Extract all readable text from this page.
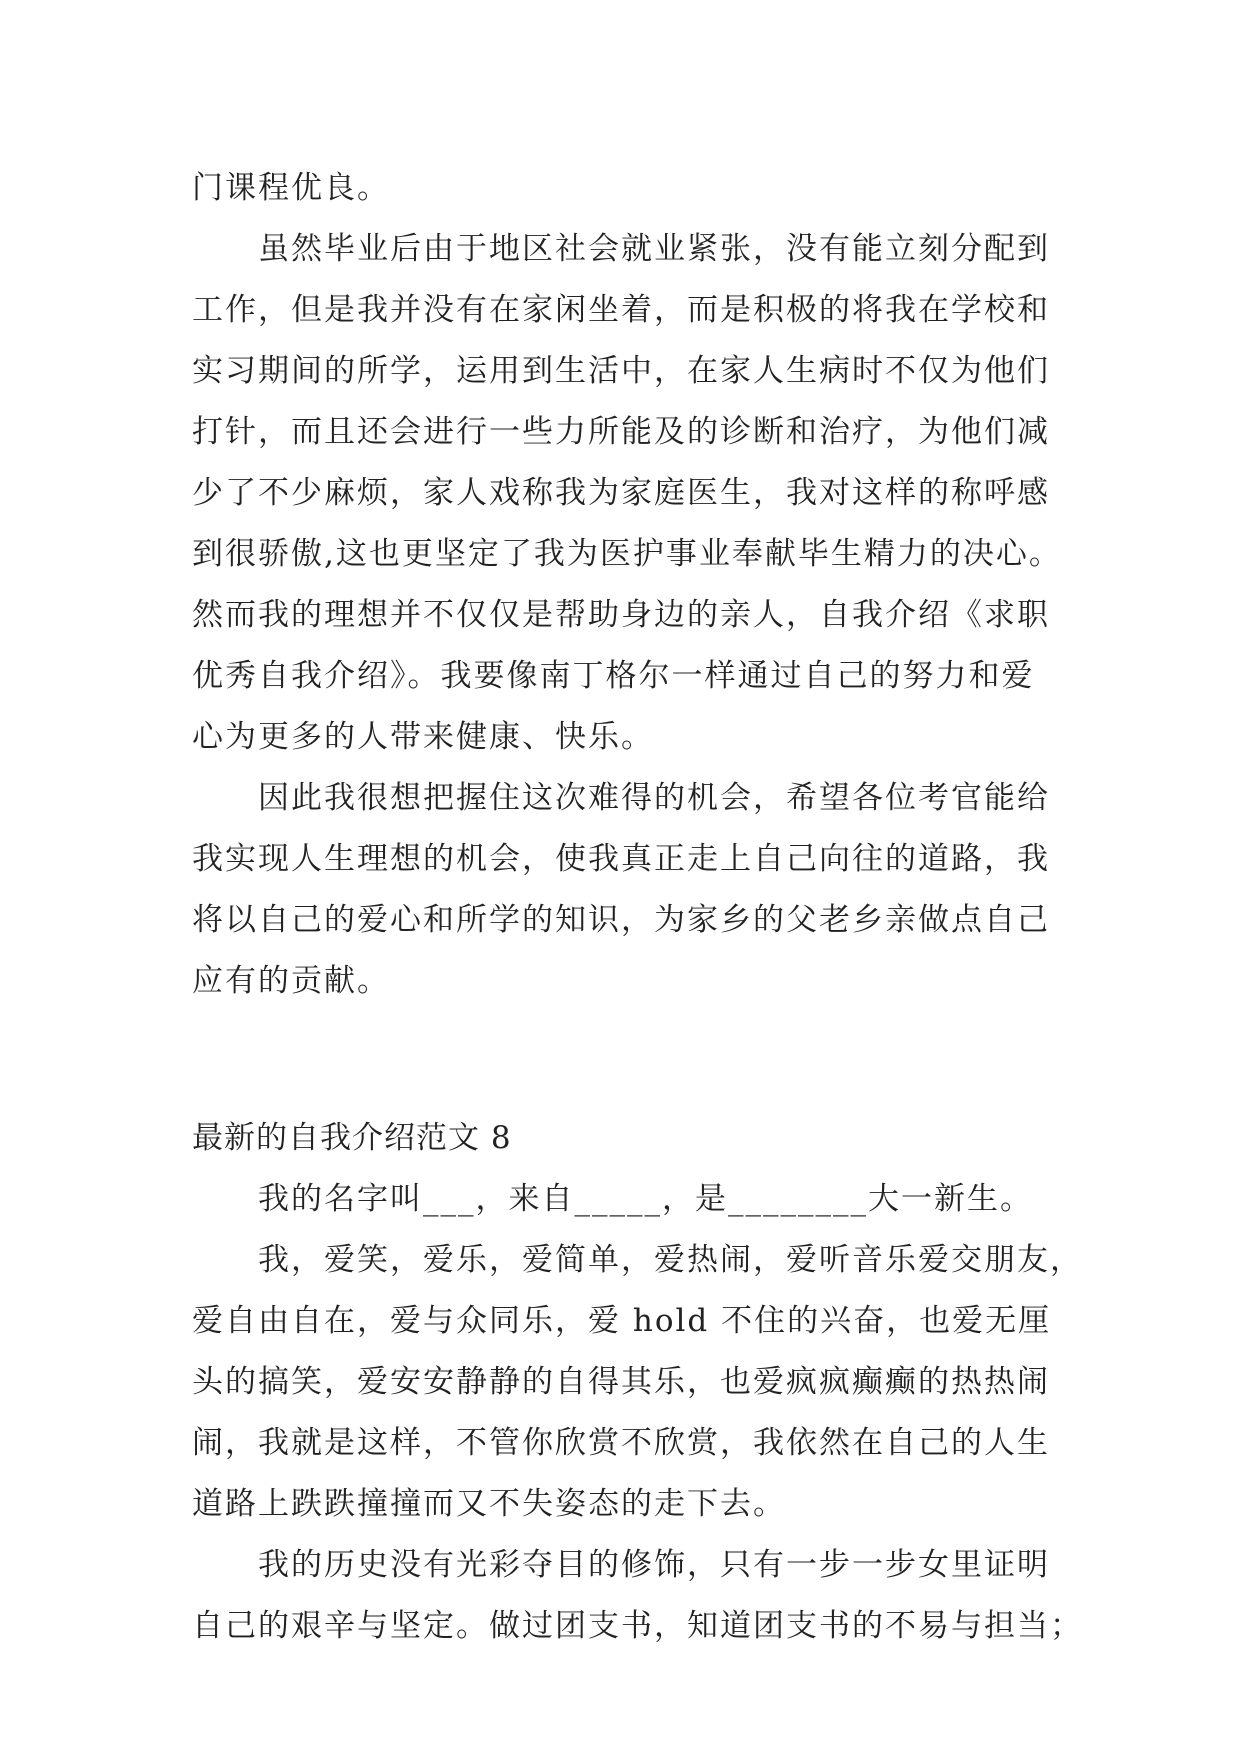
门课程优良。
　　虽然毕业后由于地区社会就业紧张，没有能立刻分配到
工作，但是我并没有在家闲坐着，而是积极的将我在学校和
实习期间的所学，运用到生活中，在家人生病时不仅为他们
打针，而且还会进行一些力所能及的诊断和治疗，为他们减
少了不少麻烦，家人戏称我为家庭医生，我对这样的称呼感
到很骄傲,这也更坚定了我为医护事业奉献毕生精力的决心。
然而我的理想并不仅仅是帮助身边的亲人，自我介绍《求职
优秀自我介绍》。我要像南丁格尔一样通过自己的努力和爱
心为更多的人带来健康、快乐。
　　因此我很想把握住这次难得的机会，希望各位考官能给
我实现人生理想的机会，使我真正走上自己向往的道路，我
将以自己的爱心和所学的知识，为家乡的父老乡亲做点自己
应有的贡献。
最新的自我介绍范文 8
　　我的名字叫___，来自_____，是________大一新生。
　　我，爱笑，爱乐，爱简单，爱热闹，爱听音乐爱交朋友，
爱自由自在，爱与众同乐，爱 hold 不住的兴奋，也爱无厘
头的搞笑，爱安安静静的自得其乐，也爱疯疯癫癫的热热闹
闹，我就是这样，不管你欣赏不欣赏，我依然在自己的人生
道路上跌跌撞撞而又不失姿态的走下去。
　　我的历史没有光彩夺目的修饰，只有一步一步女里证明
自己的艰辛与坚定。做过团支书，知道团支书的不易与担当；
